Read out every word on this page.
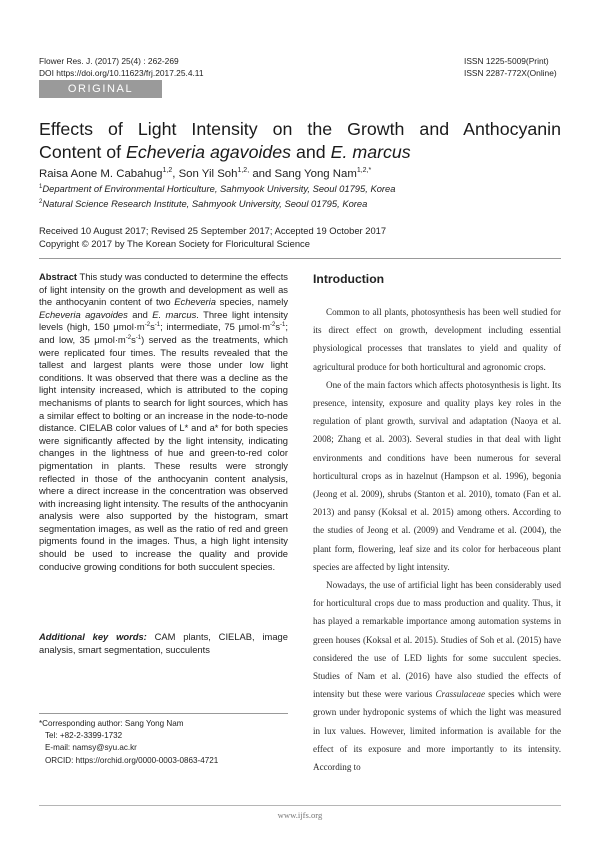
Flower Res. J. (2017) 25(4) : 262-269
DOI https://doi.org/10.11623/frj.2017.25.4.11
ISSN 1225-5009(Print)
ISSN 2287-772X(Online)
ORIGINAL ARTICLE
Effects of Light Intensity on the Growth and Anthocyanin
Content of Echeveria agavoides and E. marcus
Raisa Aone M. Cabahug$^{1,2}$, Son Yil Soh$^{1,2,}$ and Sang Yong Nam$^{1,2,*}$
$^1$Department of Environmental Horticulture, Sahmyook University, Seoul 01795, Korea
$^2$Natural Science Research Institute, Sahmyook University, Seoul 01795, Korea
Received 10 August 2017; Revised 25 September 2017; Accepted 19 October 2017
Copyright © 2017 by The Korean Society for Floricultural Science
Abstract This study was conducted to determine the effects of light intensity on the growth and development as well as the anthocyanin content of two Echeveria species, namely Echeveria agavoides and E. marcus. Three light intensity levels (high, 150 $\mu mol\cdot m^{-2}s^{-1}$; intermediate, 75 $\mu mol\cdot m^{-2}s^{-1}$; and low, 35 $\mu mol\cdot m^{-2}s^{-1}$) served as the treatments, which were replicated four times. The results revealed that the tallest and largest plants were those under low light conditions. It was observed that there was a decline as the light intensity increased, which is attributed to the coping mechanisms of plants to search for light sources, which has a similar effect to bolting or an increase in the node-to-node distance. CIELAB color values of L* and a* for both species were significantly affected by the light intensity, indicating changes in the lightness of hue and green-to-red color pigmentation in plants. These results were strongly reflected in those of the anthocyanin content analysis, where a direct increase in the concentration was observed with increasing light intensity. The results of the anthocyanin analysis were also supported by the histogram, smart segmentation images, as well as the ratio of red and green pigments found in the images. Thus, a high light intensity should be used to increase the quality and provide conducive growing conditions for both succulent species.
Additional key words: CAM plants, CIELAB, image analysis, smart segmentation, succulents
Introduction

Common to all plants, photosynthesis has been well studied for its direct effect on growth, development including essential physiological processes that translates to yield and quality of agricultural produce for both horticultural and agronomic crops.

One of the main factors which affects photosynthesis is light. Its presence, intensity, exposure and quality plays key roles in the regulation of plant growth, survival and adaptation (Naoya et al. 2008; Zhang et al. 2003). Several studies in that deal with light environments and conditions have been numerous for several horticultural crops as in hazelnut (Hampson et al. 1996), begonia (Jeong et al. 2009), shrubs (Stanton et al. 2010), tomato (Fan et al. 2013) and pansy (Koksal et al. 2015) among others. According to the studies of Jeong et al. (2009) and Vendrame et al. (2004), the plant form, flowering, leaf size and its color for herbaceous plant species are affected by light intensity.

Nowadays, the use of artificial light has been considerably used for horticultural crops due to mass production and quality. Thus, it has played a remarkable importance among automation systems in green houses (Koksal et al. 2015). Studies of Soh et al. (2015) have considered the use of LED lights for some succulent species. Studies of Nam et al. (2016) have also studied the effects of intensity but these were various Crassulaceae species which were grown under hydroponic systems of which the light was measured in lux values. However, limited information is available for the effect of its exposure and more importantly to its intensity. According to

*Corresponding author: Sang Yong Nam
Tel: +82-2-3399-1732
E-mail: namsy@syu.ac.kr
ORCID: https://orchid.org/0000-0003-0863-4721
www.ijfs.org
